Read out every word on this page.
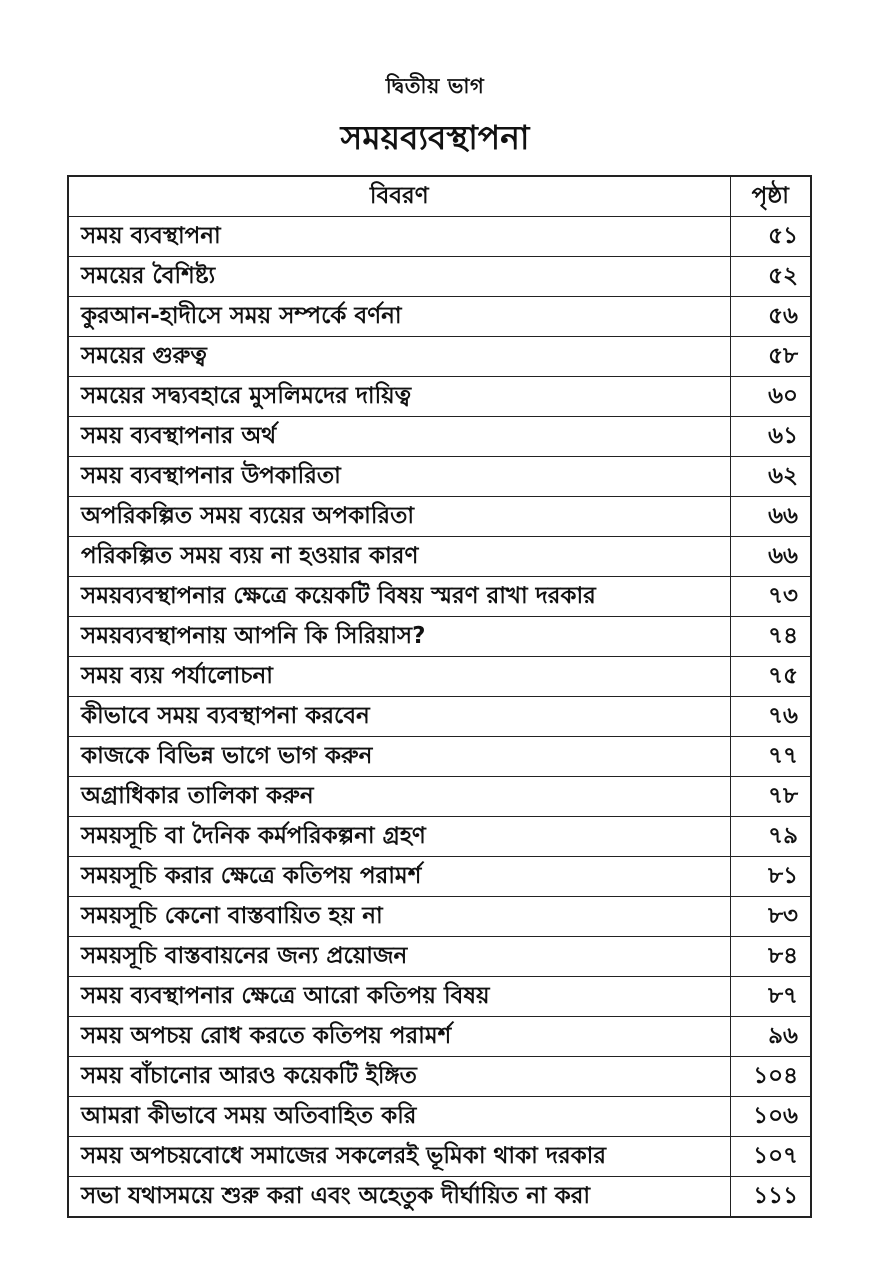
দ্বিতীয় ভাগ
সময়ব্যবস্থাপনা
বিবরণ	পৃষ্ঠা
সময় ব্যবস্থাপনা	৫১
সময়ের বৈশিষ্ট্য	৫২
কুরআন-হাদীসে সময় সম্পর্কে বর্ণনা	৫৬
সময়ের গুরুত্ব	৫৮
সময়ের সদ্ব্যবহারে মুসলিমদের দায়িত্ব	৬০
সময় ব্যবস্থাপনার অর্থ	৬১
সময় ব্যবস্থাপনার উপকারিতা	৬২
অপরিকল্পিত সময় ব্যয়ের অপকারিতা	৬৬
পরিকল্পিত সময় ব্যয় না হওয়ার কারণ	৬৬
সময়ব্যবস্থাপনার ক্ষেত্রে কয়েকটি বিষয় স্মরণ রাখা দরকার	৭৩
সময়ব্যবস্থাপনায় আপনি কি সিরিয়াস?	৭৪
সময় ব্যয় পর্যালোচনা	৭৫
কীভাবে সময় ব্যবস্থাপনা করবেন	৭৬
কাজকে বিভিন্ন ভাগে ভাগ করুন	৭৭
অগ্রাধিকার তালিকা করুন	৭৮
সময়সূচি বা দৈনিক কর্মপরিকল্পনা গ্রহণ	৭৯
সময়সূচি করার ক্ষেত্রে কতিপয় পরামর্শ	৮১
সময়সূচি কেনো বাস্তবায়িত হয় না	৮৩
সময়সূচি বাস্তবায়নের জন্য প্রয়োজন	৮৪
সময় ব্যবস্থাপনার ক্ষেত্রে আরো কতিপয় বিষয়	৮৭
সময় অপচয় রোধ করতে কতিপয় পরামর্শ	৯৬
সময় বাঁচানোর আরও কয়েকটি ইঙ্গিত	১০৪
আমরা কীভাবে সময় অতিবাহিত করি	১০৬
সময় অপচয়বোধে সমাজের সকলেরই ভূমিকা থাকা দরকার	১০৭
সভা যথাসময়ে শুরু করা এবং অহেতুক দীর্ঘায়িত না করা	১১১
